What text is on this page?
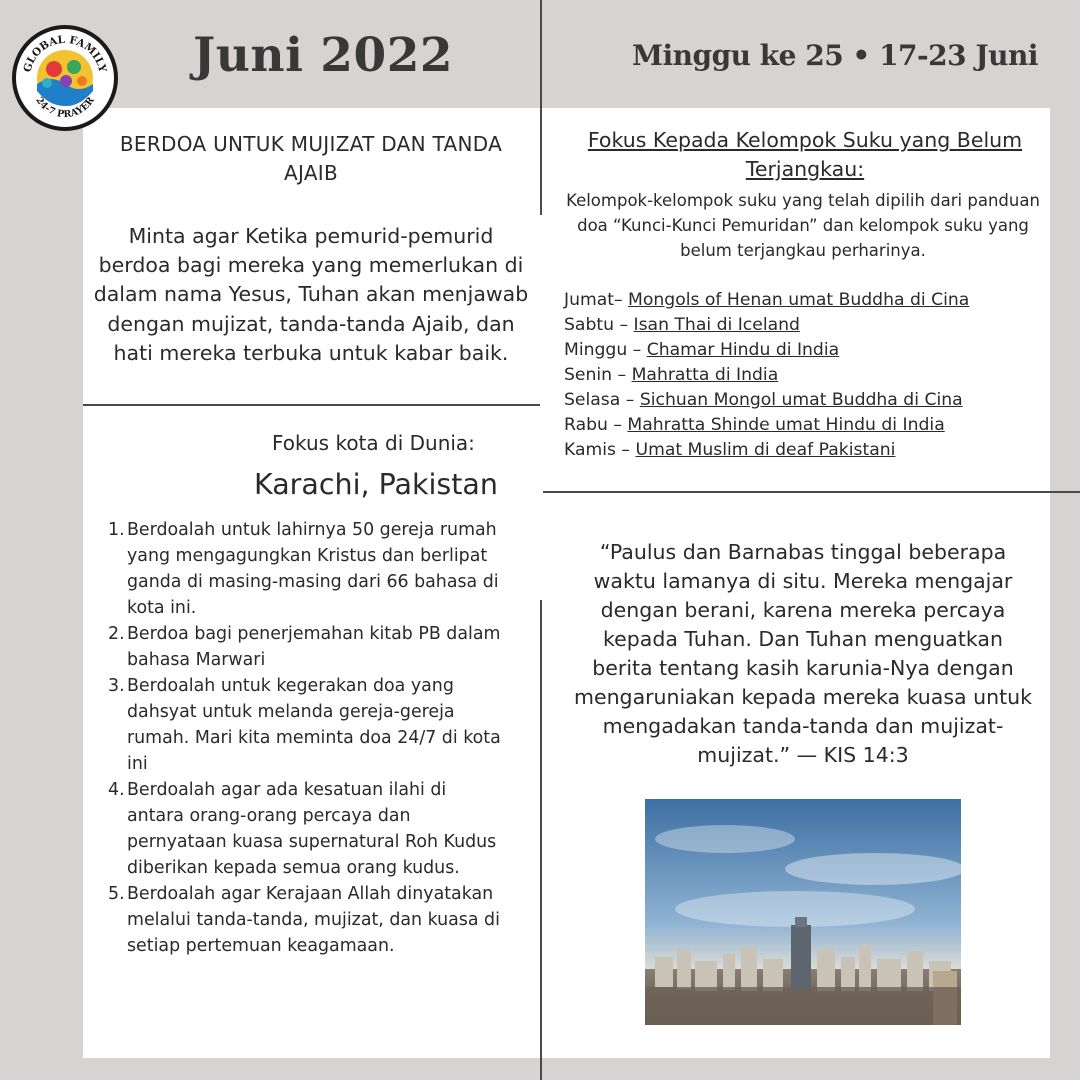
GLOBAL FAMILY
24-7 PRAYER
Juni 2022	Minggu ke 25 • 17-23 Juni
BERDOA UNTUK MUJIZAT DAN TANDA AJAIB
Minta agar Ketika pemurid-pemurid berdoa bagi mereka yang memerlukan di dalam nama Yesus, Tuhan akan menjawab dengan mujizat, tanda-tanda Ajaib, dan hati mereka terbuka untuk kabar baik.
Fokus kota di Dunia:
Karachi, Pakistan
1. Berdoalah untuk lahirnya 50 gereja rumah yang mengagungkan Kristus dan berlipat ganda di masing-masing dari 66 bahasa di kota ini.
2. Berdoa bagi penerjemahan kitab PB dalam bahasa Marwari
3. Berdoalah untuk kegerakan doa yang dahsyat untuk melanda gereja-gereja rumah. Mari kita meminta doa 24/7 di kota ini
4. Berdoalah agar ada kesatuan ilahi di antara orang-orang percaya dan pernyataan kuasa supernatural Roh Kudus diberikan kepada semua orang kudus.
5. Berdoalah agar Kerajaan Allah dinyatakan melalui tanda-tanda, mujizat, dan kuasa di setiap pertemuan keagamaan.
Fokus Kepada Kelompok Suku yang Belum Terjangkau:
Kelompok-kelompok suku yang telah dipilih dari panduan doa “Kunci-Kunci Pemuridan” dan kelompok suku yang belum terjangkau perharinya.
Jumat– Mongols of Henan umat Buddha di Cina
Sabtu – Isan Thai di Iceland
Minggu – Chamar Hindu di India
Senin – Mahratta di India
Selasa – Sichuan Mongol umat Buddha di Cina
Rabu – Mahratta Shinde umat Hindu di India
Kamis – Umat Muslim di deaf Pakistani
“Paulus dan Barnabas tinggal beberapa waktu lamanya di situ. Mereka mengajar dengan berani, karena mereka percaya kepada Tuhan. Dan Tuhan menguatkan berita tentang kasih karunia-Nya dengan mengaruniakan kepada mereka kuasa untuk mengadakan tanda-tanda dan mujizat-mujizat.” — KIS 14:3
